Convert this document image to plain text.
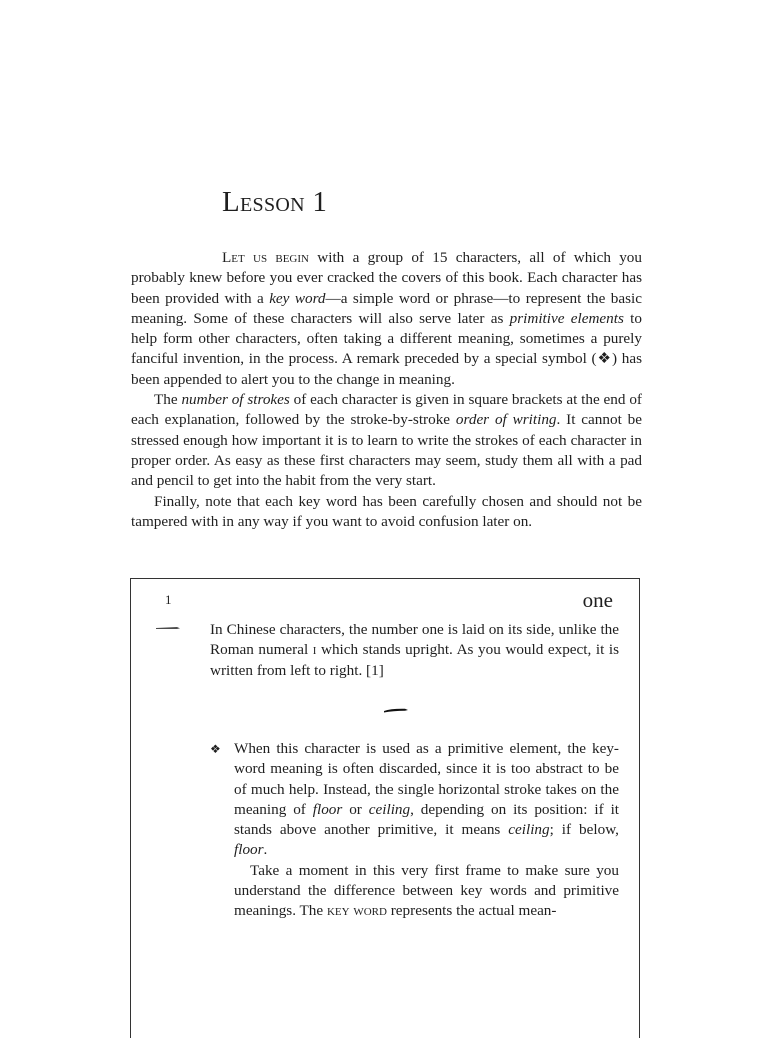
Lesson 1

Let us begin with a group of 15 characters, all of which you probably knew before you ever cracked the covers of this book. Each character has been provided with a key word—a simple word or phrase—to represent the basic meaning. Some of these characters will also serve later as primitive elements to help form other characters, often taking a different meaning, sometimes a purely fanciful invention, in the process. A remark preceded by a special symbol (❖) has been appended to alert you to the change in meaning.

The number of strokes of each character is given in square brackets at the end of each explanation, followed by the stroke-by-stroke order of writing. It cannot be stressed enough how important it is to learn to write the strokes of each character in proper order. As easy as these first characters may seem, study them all with a pad and pencil to get into the habit from the very start.

Finally, note that each key word has been carefully chosen and should not be tampered with in any way if you want to avoid confusion later on.

1	one

In Chinese characters, the number one is laid on its side, unlike the Roman numeral i which stands upright. As you would expect, it is written from left to right. [1]

❖ When this character is used as a primitive element, the key-word meaning is often discarded, since it is too abstract to be of much help. Instead, the single horizontal stroke takes on the meaning of floor or ceiling, depending on its position: if it stands above another primitive, it means ceiling; if below, floor.

Take a moment in this very first frame to make sure you understand the difference between key words and primitive meanings. The key word represents the actual mean-
